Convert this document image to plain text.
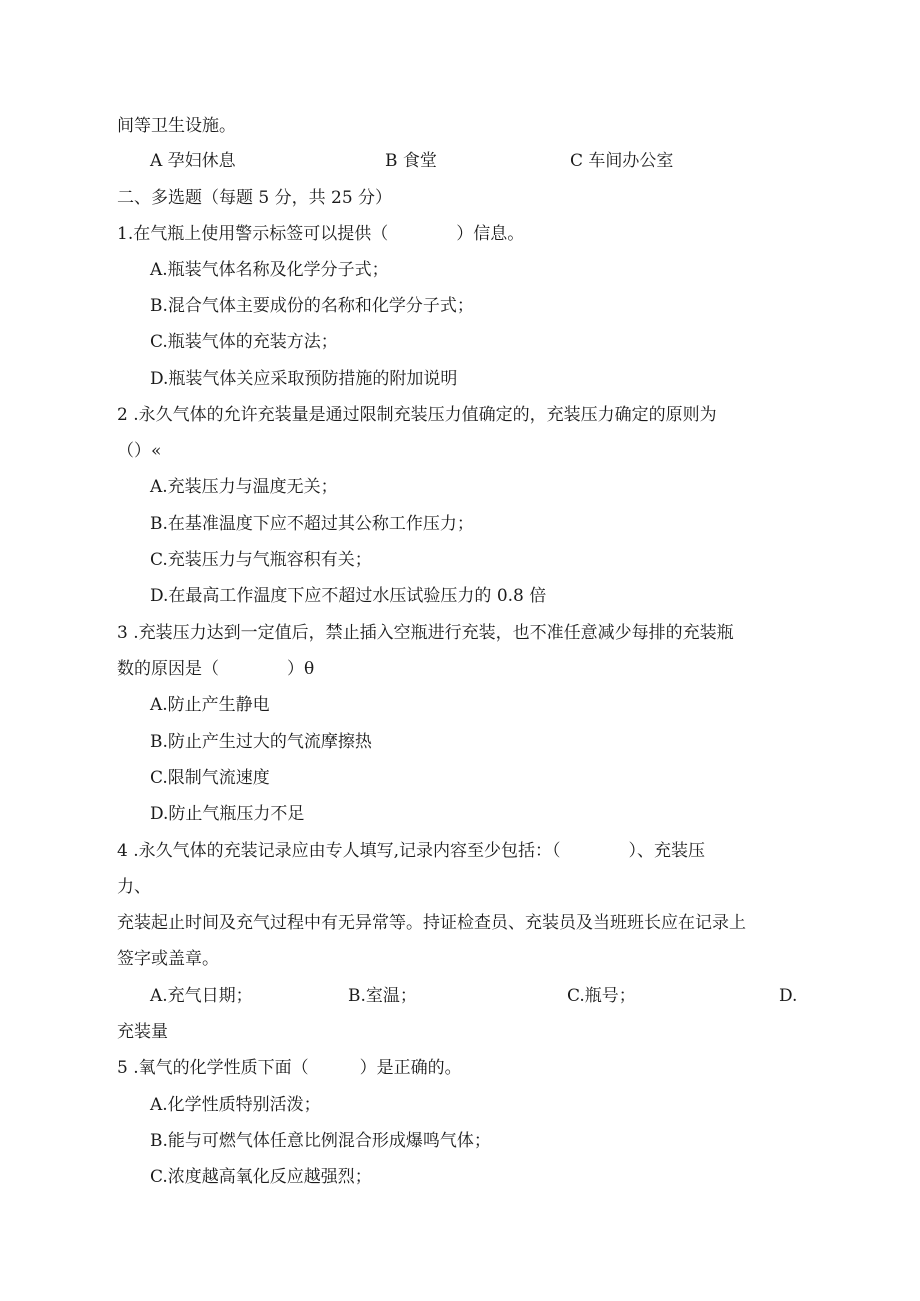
间等卫生设施。

A 孕妇休息	B 食堂	C 车间办公室

二、多选题（每题 5 分，共 25 分）

1.在气瓶上使用警示标签可以提供（　　　　）信息。

A.瓶装气体名称及化学分子式；

B.混合气体主要成份的名称和化学分子式；

C.瓶装气体的充装方法；

D.瓶装气体关应采取预防措施的附加说明

2 .永久气体的允许充装量是通过限制充装压力值确定的，充装压力确定的原则为

（）«

A.充装压力与温度无关；

B.在基准温度下应不超过其公称工作压力；

C.充装压力与气瓶容积有关；

D.在最高工作温度下应不超过水压试验压力的 0.8 倍

3 .充装压力达到一定值后，禁止插入空瓶进行充装，也不准任意减少每排的充装瓶

数的原因是（　　　　）θ

A.防止产生静电

B.防止产生过大的气流摩擦热

C.限制气流速度

D.防止气瓶压力不足

4 .永久气体的充装记录应由专人填写,记录内容至少包括：（　　　　）、充装压

力、

充装起止时间及充气过程中有无异常等。持证检查员、充装员及当班班长应在记录上

签字或盖章。

A.充气日期；	B.室温；	C.瓶号；	D.

充装量

5 .氧气的化学性质下面（　　　）是正确的。

A.化学性质特别活泼；

B.能与可燃气体任意比例混合形成爆鸣气体；

C.浓度越高氧化反应越强烈；
